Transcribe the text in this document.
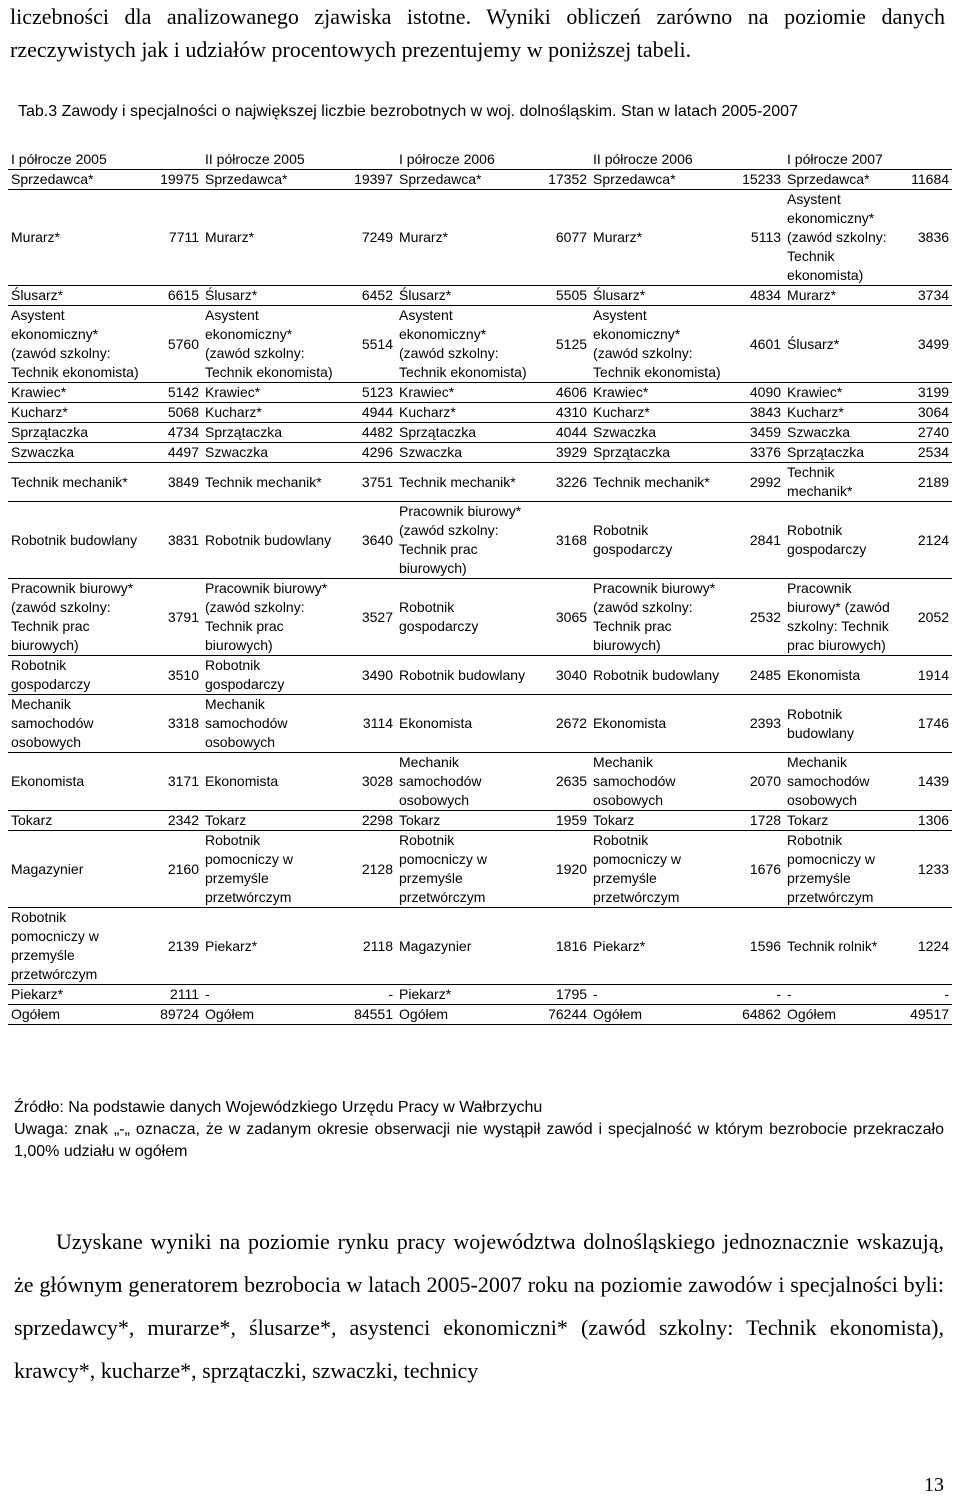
liczebności dla analizowanego zjawiska istotne. Wyniki obliczeń zarówno na poziomie danych rzeczywistych jak i udziałów procentowych prezentujemy w poniższej tabeli.
Tab.3 Zawody i specjalności o największej liczbie bezrobotnych w woj. dolnośląskim. Stan w latach 2005-2007
I półrocze 2005		II półrocze 2005		I półrocze 2006		II półrocze 2006		I półrocze 2007	
Sprzedawca*	19975	Sprzedawca*	19397	Sprzedawca*	17352	Sprzedawca*	15233	Sprzedawca*	11684
Murarz*	7711	Murarz*	7249	Murarz*	6077	Murarz*	5113	Asystent ekonomiczny* (zawód szkolny: Technik ekonomista)	3836
Ślusarz*	6615	Ślusarz*	6452	Ślusarz*	5505	Ślusarz*	4834	Murarz*	3734
Asystent ekonomiczny* (zawód szkolny: Technik ekonomista)	5760	Asystent ekonomiczny* (zawód szkolny: Technik ekonomista)	5514	Asystent ekonomiczny* (zawód szkolny: Technik ekonomista)	5125	Asystent ekonomiczny* (zawód szkolny: Technik ekonomista)	4601	Ślusarz*	3499
Krawiec*	5142	Krawiec*	5123	Krawiec*	4606	Krawiec*	4090	Krawiec*	3199
Kucharz*	5068	Kucharz*	4944	Kucharz*	4310	Kucharz*	3843	Kucharz*	3064
Sprzątaczka	4734	Sprzątaczka	4482	Sprzątaczka	4044	Szwaczka	3459	Szwaczka	2740
Szwaczka	4497	Szwaczka	4296	Szwaczka	3929	Sprzątaczka	3376	Sprzątaczka	2534
Technik mechanik*	3849	Technik mechanik*	3751	Technik mechanik*	3226	Technik mechanik*	2992	Technik mechanik*	2189
Robotnik budowlany	3831	Robotnik budowlany	3640	Pracownik biurowy* (zawód szkolny: Technik prac biurowych)	3168	Robotnik gospodarczy	2841	Robotnik gospodarczy	2124
Pracownik biurowy* (zawód szkolny: Technik prac biurowych)	3791	Pracownik biurowy* (zawód szkolny: Technik prac biurowych)	3527	Robotnik gospodarczy	3065	Pracownik biurowy* (zawód szkolny: Technik prac biurowych)	2532	Pracownik biurowy* (zawód szkolny: Technik prac biurowych)	2052
Robotnik gospodarczy	3510	Robotnik gospodarczy	3490	Robotnik budowlany	3040	Robotnik budowlany	2485	Ekonomista	1914
Mechanik samochodów osobowych	3318	Mechanik samochodów osobowych	3114	Ekonomista	2672	Ekonomista	2393	Robotnik budowlany	1746
Ekonomista	3171	Ekonomista	3028	Mechanik samochodów osobowych	2635	Mechanik samochodów osobowych	2070	Mechanik samochodów osobowych	1439
Tokarz	2342	Tokarz	2298	Tokarz	1959	Tokarz	1728	Tokarz	1306
Magazynier	2160	Robotnik pomocniczy w przemyśle przetwórczym	2128	Robotnik pomocniczy w przemyśle przetwórczym	1920	Robotnik pomocniczy w przemyśle przetwórczym	1676	Robotnik pomocniczy w przemyśle przetwórczym	1233
Robotnik pomocniczy w przemyśle przetwórczym	2139	Piekarz*	2118	Magazynier	1816	Piekarz*	1596	Technik rolnik*	1224
Piekarz*	2111	-	-	Piekarz*	1795	-	-	-	-
Ogółem	89724	Ogółem	84551	Ogółem	76244	Ogółem	64862	Ogółem	49517

Źródło: Na podstawie danych Wojewódzkiego Urzędu Pracy w Wałbrzychu

Uwaga: znak „-„ oznacza, że w zadanym okresie obserwacji nie wystąpił zawód i specjalność w którym bezrobocie przekraczało 1,00% udziału w ogółem

Uzyskane wyniki na poziomie rynku pracy województwa dolnośląskiego jednoznacznie wskazują, że głównym generatorem bezrobocia w latach 2005-2007 roku na poziomie zawodów i specjalności byli: sprzedawcy*, murarze*, ślusarze*, asystenci ekonomiczni* (zawód szkolny: Technik ekonomista), krawcy*, kucharze*, sprzątaczki, szwaczki, technicy
13
